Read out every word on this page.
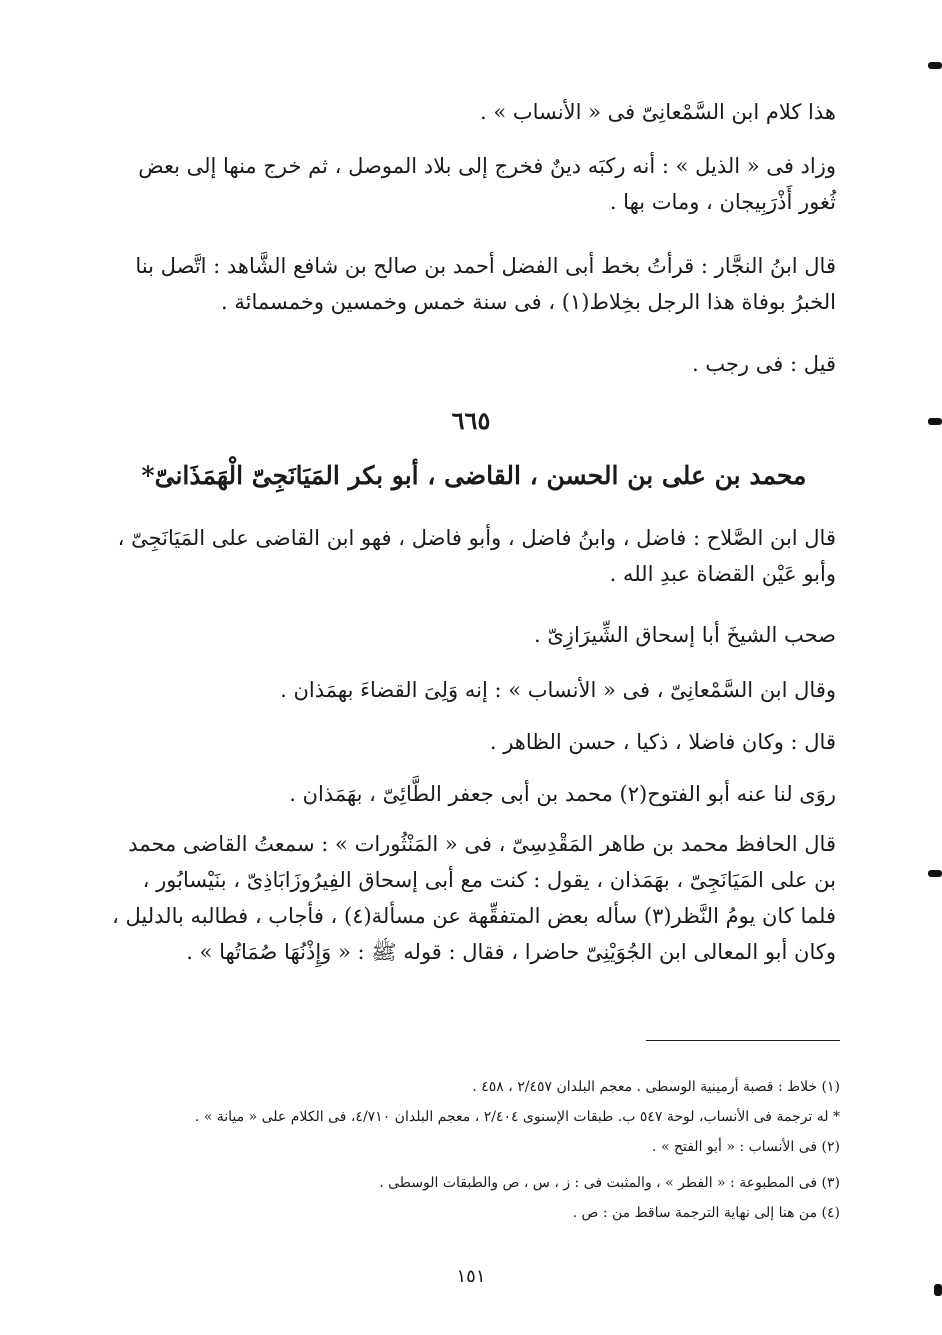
هذا كلام ابن السَّمْعانِىّ فى « الأنساب » .

وزاد فى « الذيل » : أنه ركبَه دينٌ فخرج إلى بلاد الموصل ، ثم خرج منها إلى بعض ثُغور أَذْرَبِيجان ، ومات بها .

قال ابنُ النجَّار : قرأتُ بخط أبى الفضل أحمد بن صالح بن شافع الشَّاهد : اتَّصل بنا الخبرُ بوفاة هذا الرجل بخِلاط(١) ، فى سنة خمس وخمسين وخمسمائة .

قيل : فى رجب .

٦٦٥
محمد بن على بن الحسن ، القاضى ، أبو بكر المَيَانَجِىّ الْهَمَذَانىّ*

قال ابن الصَّلاح : فاضل ، وابنُ فاضل ، وأبو فاضل ، فهو ابن القاضى على المَيَانَجِىّ ، وأبو عَيْن القضاة عبدِ الله .

صحب الشيخَ أبا إسحاق الشِّيرَازِىّ .

وقال ابن السَّمْعانِىّ ، فى « الأنساب » : إنه وَلِىَ القضاءَ بهمَذان .

قال : وكان فاضلا ، ذكيا ، حسن الظاهر .

روَى لنا عنه أبو الفتوح(٢) محمد بن أبى جعفر الطَّائِىّ ، بهَمَذان .

قال الحافظ محمد بن طاهر المَقْدِسِىّ ، فى « المَنْثُورات » : سمعتُ القاضى محمد بن على المَيَانَجِىّ ، بهَمَذان ، يقول : كنت مع أبى إسحاق الفِيرُوزَابَاذِىّ ، بنَيْسابُور ، فلما كان يومُ النَّظر(٣) سأله بعض المتفقِّهة عن مسألة(٤) ، فأجاب ، فطالبه بالدليل ، وكان أبو المعالى ابن الجُوَيْنِىّ حاضرا ، فقال : قوله ﷺ : « وَإِذْنُهَا صُمَاتُها » .

(١) خلاط : قصبة أرمينية الوسطى . معجم البلدان ٢/٤٥٧ ، ٤٥٨ .
* له ترجمة فى الأنساب، لوحة ٥٤٧ ب. طبقات الإسنوى ٢/٤٠٤ ، معجم البلدان ٤/٧١٠، فى الكلام على « ميانة » .
(٢) فى الأنساب : « أبو الفتح » .
(٣) فى المطبوعة : « الفطر » ، والمثبت فى : ز ، س ، ص والطبقات الوسطى .
(٤) من هنا إلى نهاية الترجمة ساقط من : ص .
١٥١
